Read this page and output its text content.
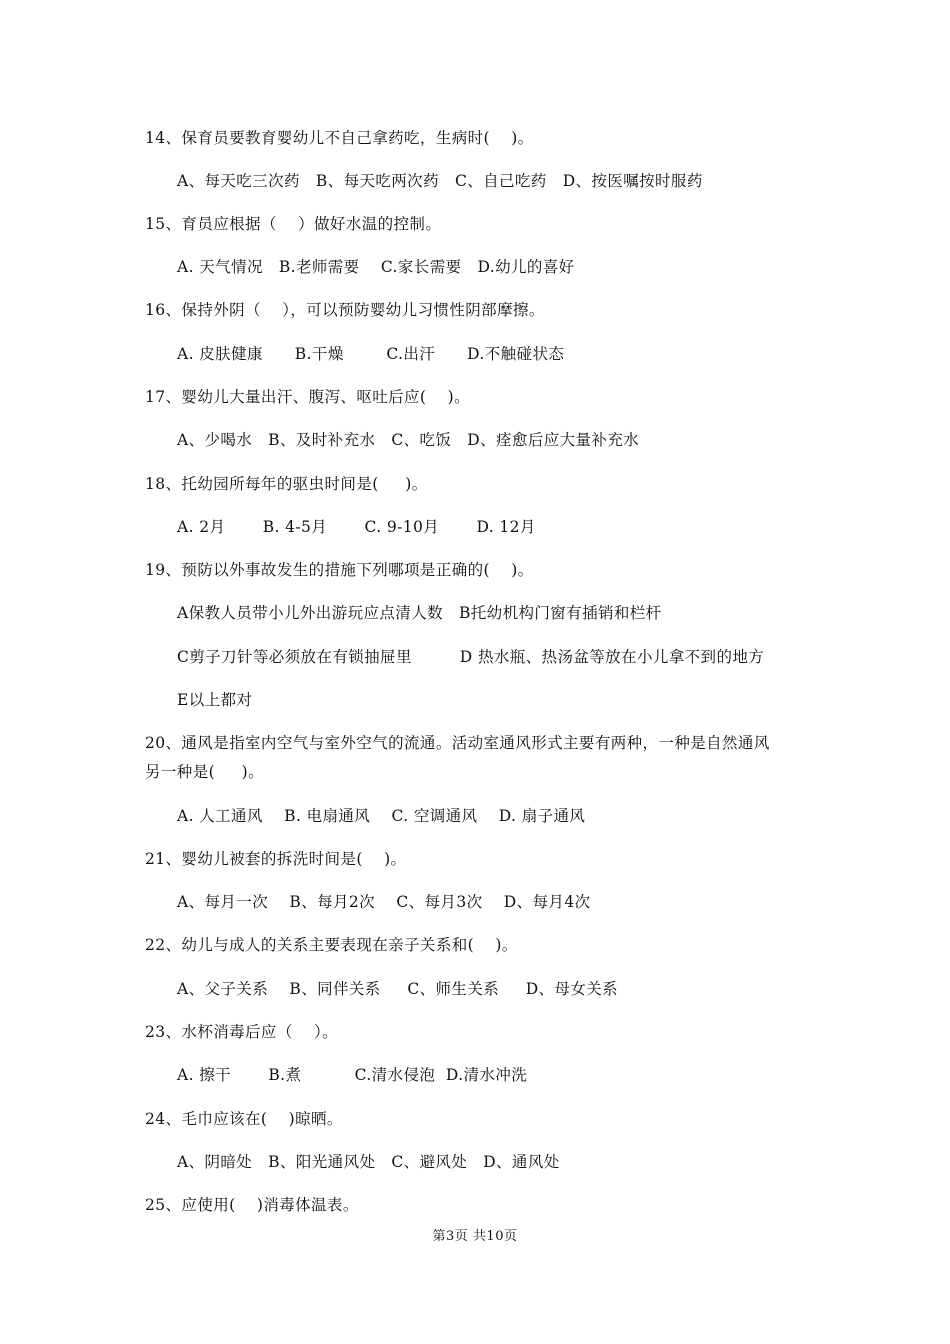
14、保育员要教育婴幼儿不自己拿药吃，生病时(    )。
A、每天吃三次药   B、每天吃两次药   C、自己吃药   D、按医嘱按时服药
15、育员应根据（    ）做好水温的控制。
A. 天气情况   B.老师需要    C.家长需要   D.幼儿的喜好
16、保持外阴（    ），可以预防婴幼儿习惯性阴部摩擦。
A. 皮肤健康      B.干燥        C.出汗      D.不触碰状态
17、婴幼儿大量出汗、腹泻、呕吐后应(    )。
A、少喝水   B、及时补充水   C、吃饭   D、痊愈后应大量补充水
18、托幼园所每年的驱虫时间是(     )。
A. 2月       B. 4-5月       C. 9-10月       D. 12月
19、预防以外事故发生的措施下列哪项是正确的(    )。
A保教人员带小儿外出游玩应点清人数   B托幼机构门窗有插销和栏杆
C剪子刀针等必须放在有锁抽屉里         D 热水瓶、热汤盆等放在小儿拿不到的地方
E以上都对
20、通风是指室内空气与室外空气的流通。活动室通风形式主要有两种，一种是自然通风
另一种是(     )。
A. 人工通风    B. 电扇通风    C. 空调通风    D. 扇子通风
21、婴幼儿被套的拆洗时间是(    )。
A、每月一次    B、每月2次    C、每月3次    D、每月4次
22、幼儿与成人的关系主要表现在亲子关系和(    )。
A、父子关系    B、同伴关系     C、师生关系     D、母女关系
23、水杯消毒后应（    ）。
A. 擦干       B.煮          C.清水侵泡  D.清水冲洗
24、毛巾应该在(    )晾晒。
A、阴暗处   B、阳光通风处   C、避风处   D、通风处
25、应使用(    )消毒体温表。
第3页 共10页
